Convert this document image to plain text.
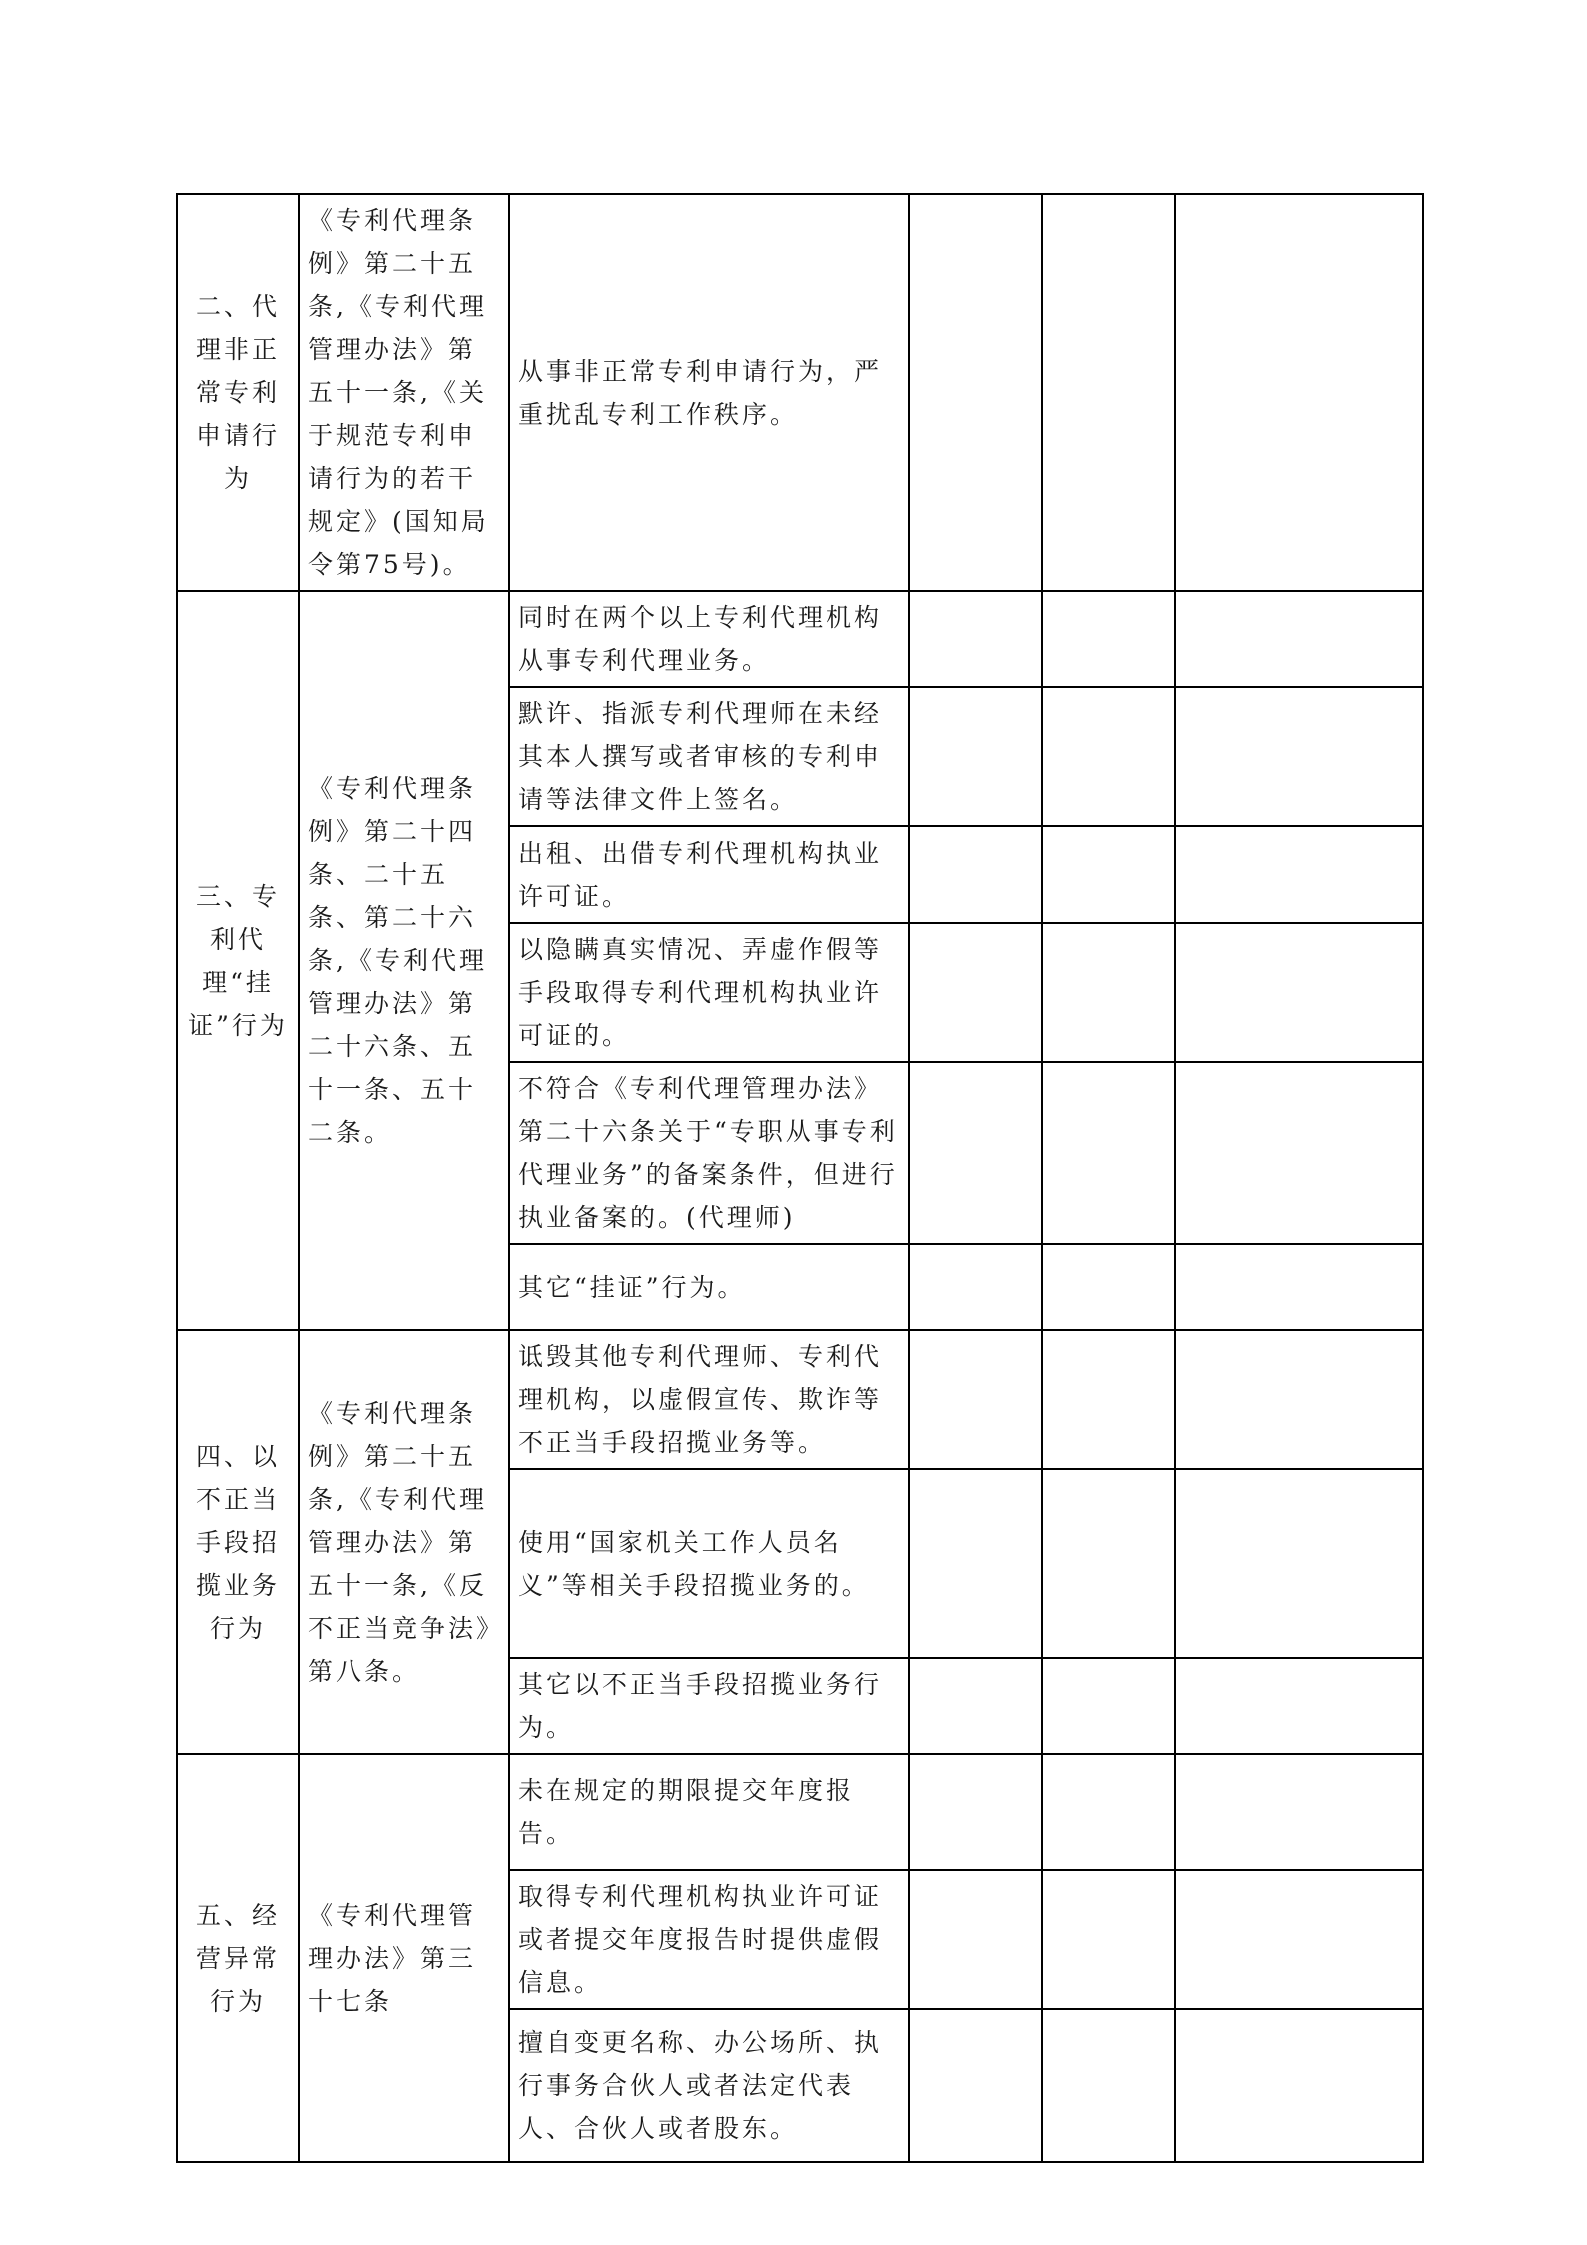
二、代理非正常专利申请行为	《专利代理条例》第二十五条,《专利代理管理办法》第五十一条,《关于规范专利申请行为的若干规定》(国知局令第75号)。	从事非正常专利申请行为，严重扰乱专利工作秩序。			
三、专利代理“挂证”行为	《专利代理条例》第二十四条、二十五条、第二十六条,《专利代理管理办法》第二十六条、五十一条、五十二条。	同时在两个以上专利代理机构从事专利代理业务。			
		默许、指派专利代理师在未经其本人撰写或者审核的专利申请等法律文件上签名。			
		出租、出借专利代理机构执业许可证。			
		以隐瞒真实情况、弄虚作假等手段取得专利代理机构执业许可证的。			
		不符合《专利代理管理办法》第二十六条关于“专职从事专利代理业务”的备案条件，但进行执业备案的。(代理师)			
		其它“挂证”行为。			
四、以不正当手段招揽业务行为	《专利代理条例》第二十五条,《专利代理管理办法》第五十一条,《反不正当竞争法》第八条。	诋毁其他专利代理师、专利代理机构，以虚假宣传、欺诈等不正当手段招揽业务等。			
		使用“国家机关工作人员名义”等相关手段招揽业务的。			
		其它以不正当手段招揽业务行为。			
五、经营异常行为	《专利代理管理办法》第三十七条	未在规定的期限提交年度报告。			
		取得专利代理机构执业许可证或者提交年度报告时提供虚假信息。			
		擅自变更名称、办公场所、执行事务合伙人或者法定代表人、合伙人或者股东。			
